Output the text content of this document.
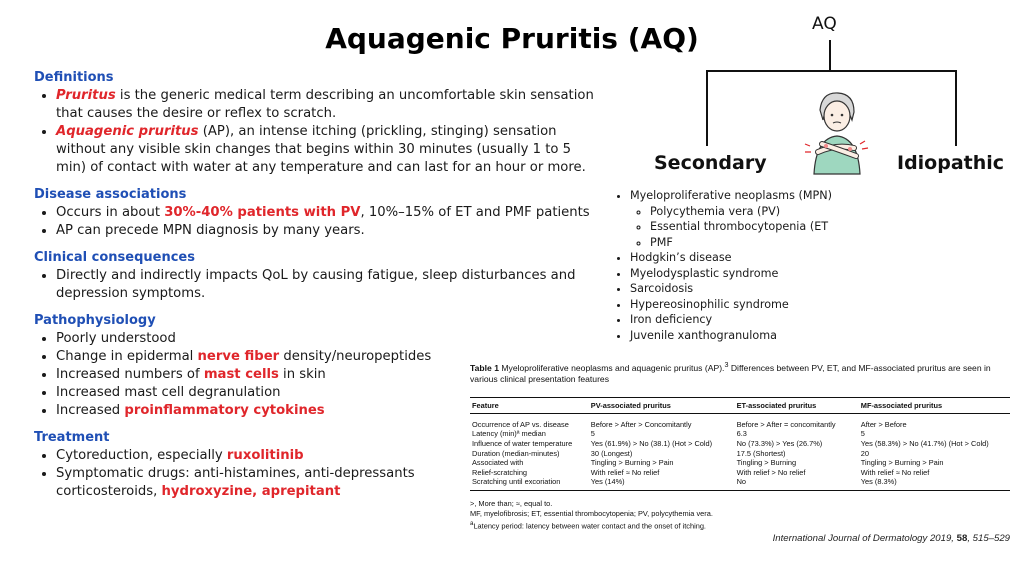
Aquagenic Pruritis (AQ)
Definitions
• Pruritus is the generic medical term describing an uncomfortable skin sensation that causes the desire or reflex to scratch.
• Aquagenic pruritus (AP), an intense itching (prickling, stinging) sensation without any visible skin changes that begins within 30 minutes (usually 1 to 5 min) of contact with water at any temperature and can last for an hour or more.
Disease associations
• Occurs in about 30%-40% patients with PV, 10%–15% of ET and PMF patients
• AP can precede MPN diagnosis by many years.
Clinical consequences
• Directly and indirectly impacts QoL by causing fatigue, sleep disturbances and depression symptoms.
Pathophysiology
• Poorly understood
• Change in epidermal nerve fiber density/neuropeptides
• Increased numbers of mast cells in skin
• Increased mast cell degranulation
• Increased proinflammatory cytokines
Treatment
• Cytoreduction, especially ruxolitinib
• Symptomatic drugs: anti-histamines, anti-depressants
corticosteroids, hydroxyzine, aprepitant
AQ
Secondary	Idiopathic
• Myeloproliferative neoplasms (MPN)
◦ Polycythemia vera (PV)
◦ Essential thrombocytopenia (ET
◦ PMF
• Hodgkin’s disease
• Myelodysplastic syndrome
• Sarcoidosis
• Hypereosinophilic syndrome
• Iron deficiency
• Juvenile xanthogranuloma
Table 1 Myeloproliferative neoplasms and aquagenic pruritus (AP).$^3$ Differences between PV, ET, and MF-associated pruritus are seen in various clinical presentation features
Feature	PV-associated pruritus	ET-associated pruritus	MF-associated pruritus

Occurrence of AP vs. disease	Before > After > Concomitantly	Before > After = concomitantly	After > Before
Latency (min)ª median	5	6.3	5
Influence of water temperature	Yes (61.9%) > No (38.1) (Hot > Cold)	No (73.3%) > Yes (26.7%)	Yes (58.3%) > No (41.7%) (Hot > Cold)
Duration (median-minutes)	30 (Longest)	17.5 (Shortest)	20
Associated with	Tingling > Burning > Pain	Tingling > Burning	Tingling > Burning > Pain
Relief-scratching	With relief ≈ No relief	With relief > No relief	With relief ≈ No relief
Scratching until excoriation	Yes (14%)	No	Yes (8.3%)
>, More than; ≈, equal to.
MF, myelofibrosis; ET, essential thrombocytopenia; PV, polycythemia vera.
$^a$Latency period: latency between water contact and the onset of itching.
International Journal of Dermatology 2019, 58, 515–529
